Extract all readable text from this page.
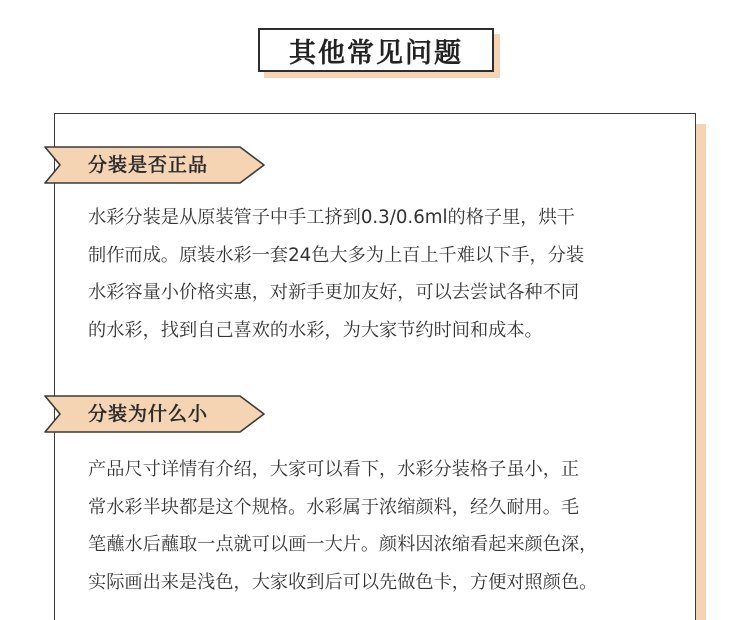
其他常见问题
分装是否正品
水彩分装是从原装管子中手工挤到0.3/0.6ml的格子里，烘干
制作而成。原装水彩一套24色大多为上百上千难以下手，分装
水彩容量小价格实惠，对新手更加友好，可以去尝试各种不同
的水彩，找到自己喜欢的水彩，为大家节约时间和成本。
分装为什么小
产品尺寸详情有介绍，大家可以看下，水彩分装格子虽小，正
常水彩半块都是这个规格。水彩属于浓缩颜料，经久耐用。毛
笔蘸水后蘸取一点就可以画一大片。颜料因浓缩看起来颜色深，
实际画出来是浅色，大家收到后可以先做色卡，方便对照颜色。
